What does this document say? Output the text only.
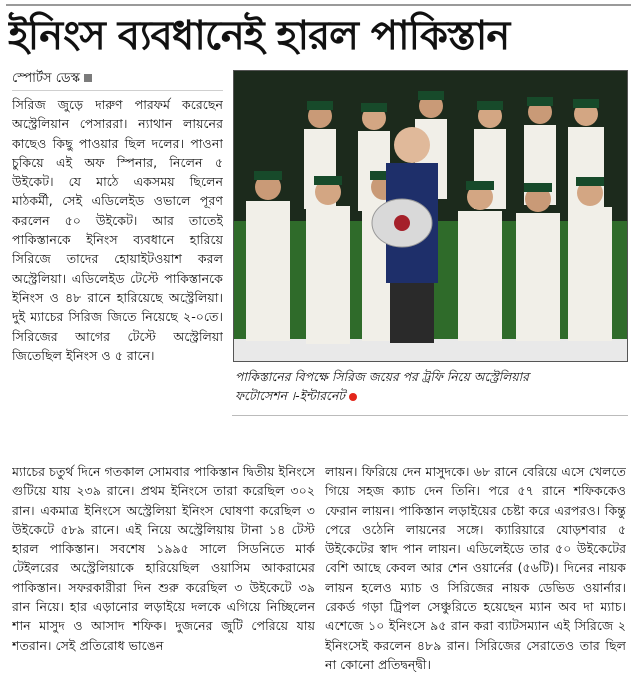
ইনিংস ব্যবধানেই হারল পাকিস্তান
স্পোর্টস ডেস্ক
সিরিজ জুড়ে দারুণ পারফর্ম করেছেন অস্ট্রেলিয়ান পেসাররা। ন্যাথান লায়নের কাছেও কিছু পাওয়ার ছিল দলের। পাওনা চুকিয়ে এই অফ স্পিনার, নিলেন ৫ উইকেট। যে মাঠে একসময় ছিলেন মাঠকর্মী, সেই এডিলেইড ওভালে পূরণ করলেন ৫০ উইকেট। আর তাতেই পাকিস্তানকে ইনিংস ব্যবধানে হারিয়ে সিরিজে তাদের হোয়াইটওয়াশ করল অস্ট্রেলিয়া। এডিলেইড টেস্টে পাকিস্তানকে ইনিংস ও ৪৮ রানে হারিয়েছে অস্ট্রেলিয়া। দুই ম্যাচের সিরিজ জিতে নিয়েছে ২-০তে। সিরিজের আগের টেস্টে অস্ট্রেলিয়া জিতেছিল ইনিংস ও ৫ রানে।
পাকিস্তানের বিপক্ষে সিরিজ জয়ের পর ট্রফি নিয়ে অস্ট্রেলিয়ার
ফটোসেশন ।-ইন্টারনেট
ম্যাচের চতুর্থ দিনে গতকাল সোমবার পাকিস্তান দ্বিতীয় ইনিংসে গুটিয়ে যায় ২৩৯ রানে। প্রথম ইনিংসে তারা করেছিল ৩০২ রান। একমাত্র ইনিংসে অস্ট্রেলিয়া ইনিংস ঘোষণা করেছিল ৩ উইকেটে ৫৮৯ রানে। এই নিয়ে অস্ট্রেলিয়ায় টানা ১৪ টেস্ট হারল পাকিস্তান। সবশেষ ১৯৯৫ সালে সিডনিতে মার্ক টেইলরের অস্ট্রেলিয়াকে হারিয়েছিল ওয়াসিম আকরামের পাকিস্তান। সফরকারীরা দিন শুরু করেছিল ৩ উইকেটে ৩৯ রান নিয়ে। হার এড়ানোর লড়াইয়ে দলকে এগিয়ে নিচ্ছিলেন শান মাসুদ ও আসাদ শফিক। দুজনের জুটি পেরিয়ে যায় শতরান। সেই প্রতিরোধ ভাঙেন
লায়ন। ফিরিয়ে দেন মাসুদকে। ৬৮ রানে বেরিয়ে এসে খেলতে গিয়ে সহজ ক্যাচ দেন তিনি। পরে ৫৭ রানে শফিককেও ফেরান লায়ন। পাকিস্তান লড়াইয়ের চেষ্টা করে এরপরও। কিন্তু পেরে ওঠেনি লায়নের সঙ্গে। ক্যারিয়ারে যোড়শবার ৫ উইকেটের স্বাদ পান লায়ন। এডিলেইডে তার ৫০ উইকেটের বেশি আছে কেবল আর শেন ওয়ার্নের (৫৬টি)। দিনের নায়ক লায়ন হলেও ম্যাচ ও সিরিজের নায়ক ডেভিড ওয়ার্নার। রেকর্ড গড়া ট্রিপল সেঞ্চুরিতে হয়েছেন ম্যান অব দা ম্যাচ। এশেজে ১০ ইনিংসে ৯৫ রান করা ব্যাটসম্যান এই সিরিজে ২ ইনিংসেই করলেন ৪৮৯ রান। সিরিজের সেরাতেও তার ছিল না কোনো প্রতিদ্বন্দ্বী।
